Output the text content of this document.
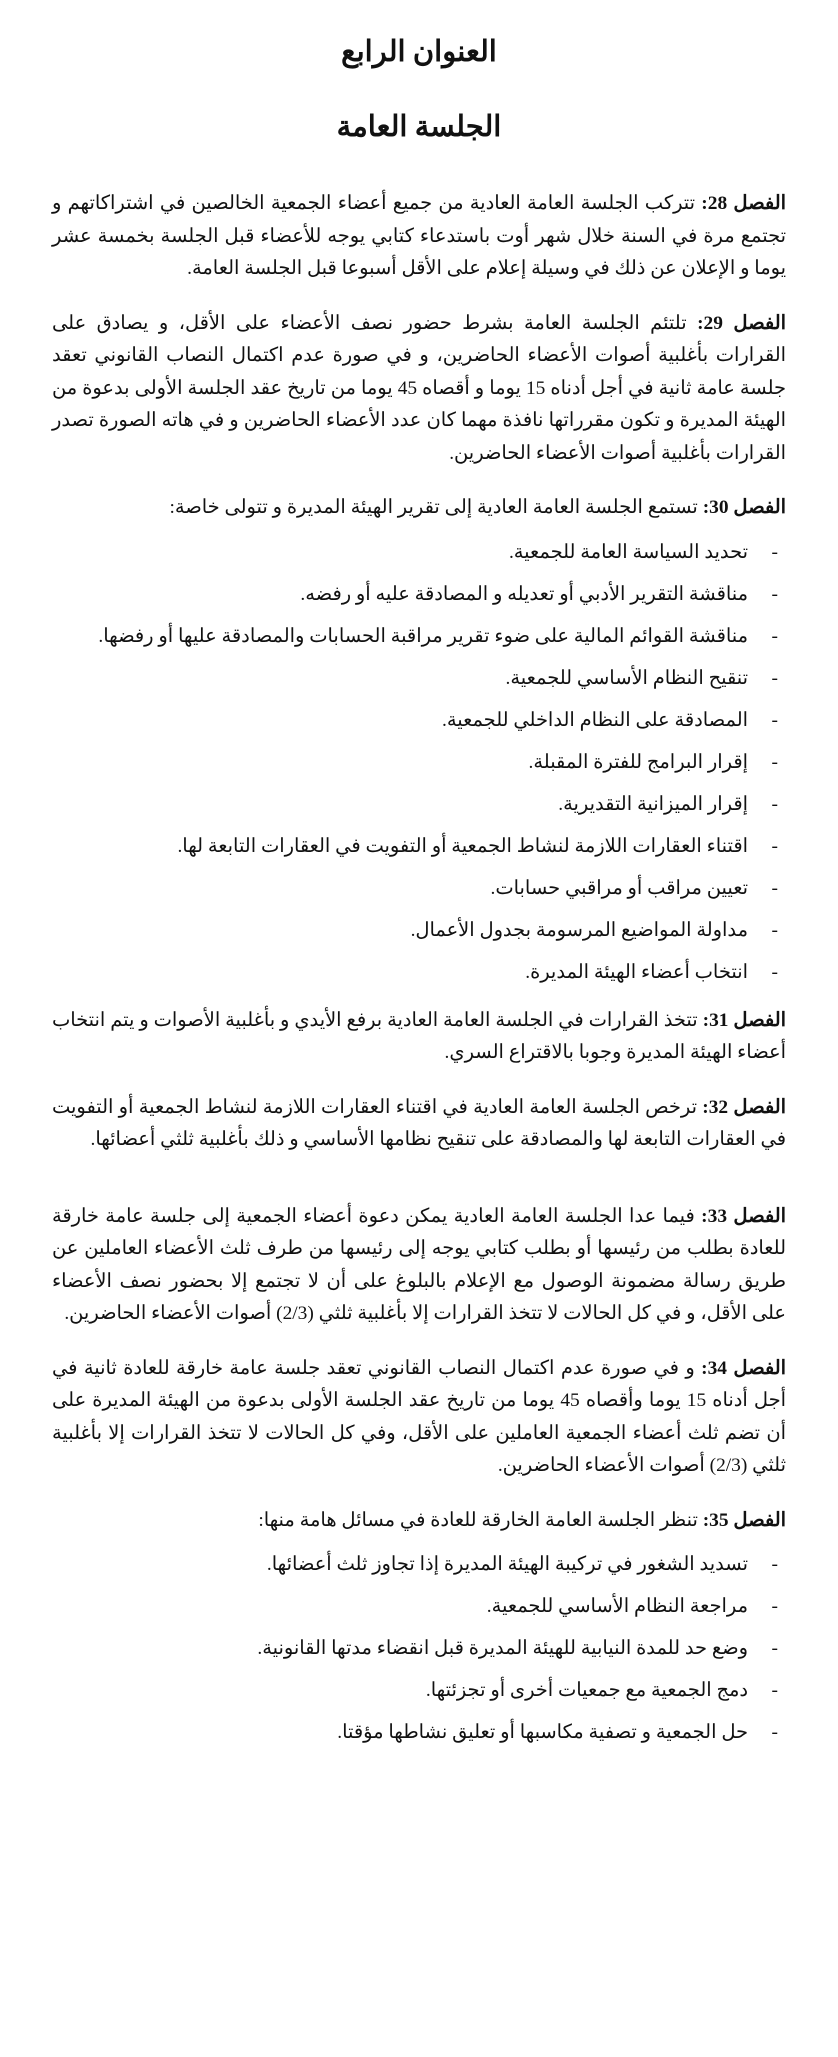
العنوان الرابع
الجلسة العامة

الفصل 28: تتركب الجلسة العامة العادية من جميع أعضاء الجمعية الخالصين في اشتراكاتهم و تجتمع مرة في السنة خلال شهر أوت باستدعاء كتابي يوجه للأعضاء قبل الجلسة بخمسة عشر يوما و الإعلان عن ذلك في وسيلة إعلام على الأقل أسبوعا قبل الجلسة العامة.

الفصل 29: تلتئم الجلسة العامة بشرط حضور نصف الأعضاء على الأقل، و يصادق على القرارات بأغلبية أصوات الأعضاء الحاضرين، و في صورة عدم اكتمال النصاب القانوني تعقد جلسة عامة ثانية في أجل أدناه 15 يوما و أقصاه 45 يوما من تاريخ عقد الجلسة الأولى بدعوة من الهيئة المديرة و تكون مقرراتها نافذة مهما كان عدد الأعضاء الحاضرين و في هاته الصورة تصدر القرارات بأغلبية أصوات الأعضاء الحاضرين.

الفصل 30: تستمع الجلسة العامة العادية إلى تقرير الهيئة المديرة و تتولى خاصة:

-
تحديد السياسة العامة للجمعية.
-
مناقشة التقرير الأدبي أو تعديله و المصادقة عليه أو رفضه.
-
مناقشة القوائم المالية على ضوء تقرير مراقبة الحسابات والمصادقة عليها أو رفضها.
-
تنقيح النظام الأساسي للجمعية.
-
المصادقة على النظام الداخلي للجمعية.
-
إقرار البرامج للفترة المقبلة.
-
إقرار الميزانية التقديرية.
-
اقتناء العقارات اللازمة لنشاط الجمعية أو التفويت في العقارات التابعة لها.
-
تعيين مراقب أو مراقبي حسابات.
-
مداولة المواضيع المرسومة بجدول الأعمال.
-
انتخاب أعضاء الهيئة المديرة.

الفصل 31: تتخذ القرارات في الجلسة العامة العادية برفع الأيدي و بأغلبية الأصوات و يتم انتخاب أعضاء الهيئة المديرة وجوبا بالاقتراع السري.

الفصل 32: ترخص الجلسة العامة العادية في اقتناء العقارات اللازمة لنشاط الجمعية أو التفويت في العقارات التابعة لها والمصادقة على تنقيح نظامها الأساسي و ذلك بأغلبية ثلثي أعضائها.

الفصل 33: فيما عدا الجلسة العامة العادية يمكن دعوة أعضاء الجمعية إلى جلسة عامة خارقة للعادة بطلب من رئيسها أو بطلب كتابي يوجه إلى رئيسها من طرف ثلث الأعضاء العاملين عن طريق رسالة مضمونة الوصول مع الإعلام بالبلوغ على أن لا تجتمع إلا بحضور نصف الأعضاء على الأقل، و في كل الحالات لا تتخذ القرارات إلا بأغلبية ثلثي (2/3) أصوات الأعضاء الحاضرين.

الفصل 34: و في صورة عدم اكتمال النصاب القانوني تعقد جلسة عامة خارقة للعادة ثانية في أجل أدناه 15 يوما وأقصاه 45 يوما من تاريخ عقد الجلسة الأولى بدعوة من الهيئة المديرة على أن تضم ثلث أعضاء الجمعية العاملين على الأقل، وفي كل الحالات لا تتخذ القرارات إلا بأغلبية ثلثي (2/3) أصوات الأعضاء الحاضرين.

الفصل 35: تنظر الجلسة العامة الخارقة للعادة في مسائل هامة منها:

-
تسديد الشغور في تركيبة الهيئة المديرة إذا تجاوز ثلث أعضائها.
-
مراجعة النظام الأساسي للجمعية.
-
وضع حد للمدة النيابية للهيئة المديرة قبل انقضاء مدتها القانونية.
-
دمج الجمعية مع جمعيات أخرى أو تجزئتها.
-
حل الجمعية و تصفية مكاسبها أو تعليق نشاطها مؤقتا.
